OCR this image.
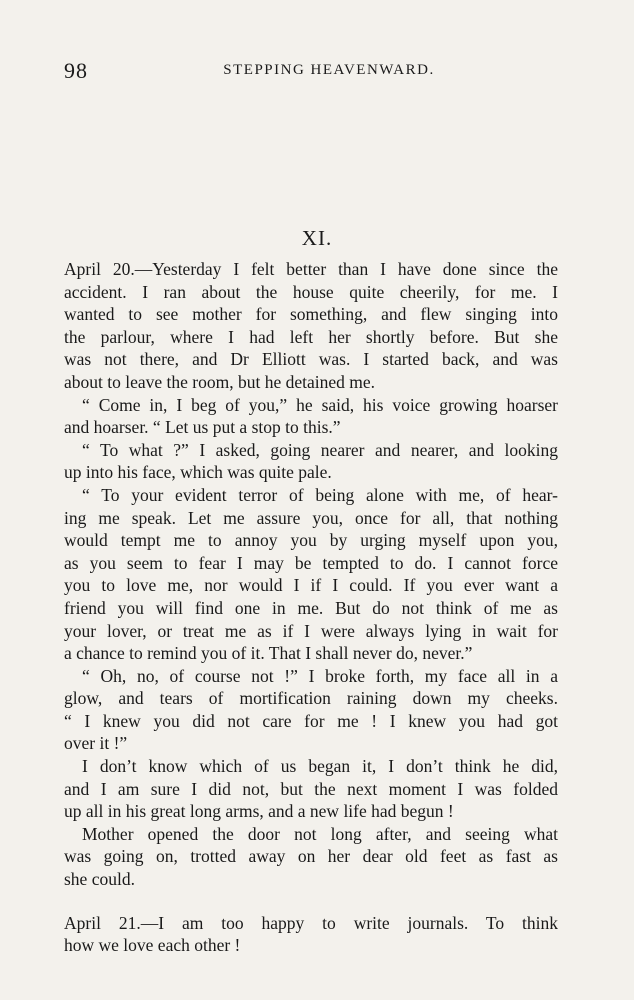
98	STEPPING HEAVENWARD.
XI.
April 20.—Yesterday I felt better than I have done since the
accident. I ran about the house quite cheerily, for me. I
wanted to see mother for something, and flew singing into
the parlour, where I had left her shortly before. But she
was not there, and Dr Elliott was. I started back, and was
about to leave the room, but he detained me.
“ Come in, I beg of you,” he said, his voice growing hoarser
and hoarser. “ Let us put a stop to this.”
“ To what ?” I asked, going nearer and nearer, and looking
up into his face, which was quite pale.
“ To your evident terror of being alone with me, of hear-
ing me speak. Let me assure you, once for all, that nothing
would tempt me to annoy you by urging myself upon you,
as you seem to fear I may be tempted to do. I cannot force
you to love me, nor would I if I could. If you ever want a
friend you will find one in me. But do not think of me as
your lover, or treat me as if I were always lying in wait for
a chance to remind you of it. That I shall never do, never.”
“ Oh, no, of course not !” I broke forth, my face all in a
glow, and tears of mortification raining down my cheeks.
“ I knew you did not care for me ! I knew you had got
over it !”
I don’t know which of us began it, I don’t think he did,
and I am sure I did not, but the next moment I was folded
up all in his great long arms, and a new life had begun !
Mother opened the door not long after, and seeing what
was going on, trotted away on her dear old feet as fast as
she could.
April 21.—I am too happy to write journals. To think
how we love each other !
